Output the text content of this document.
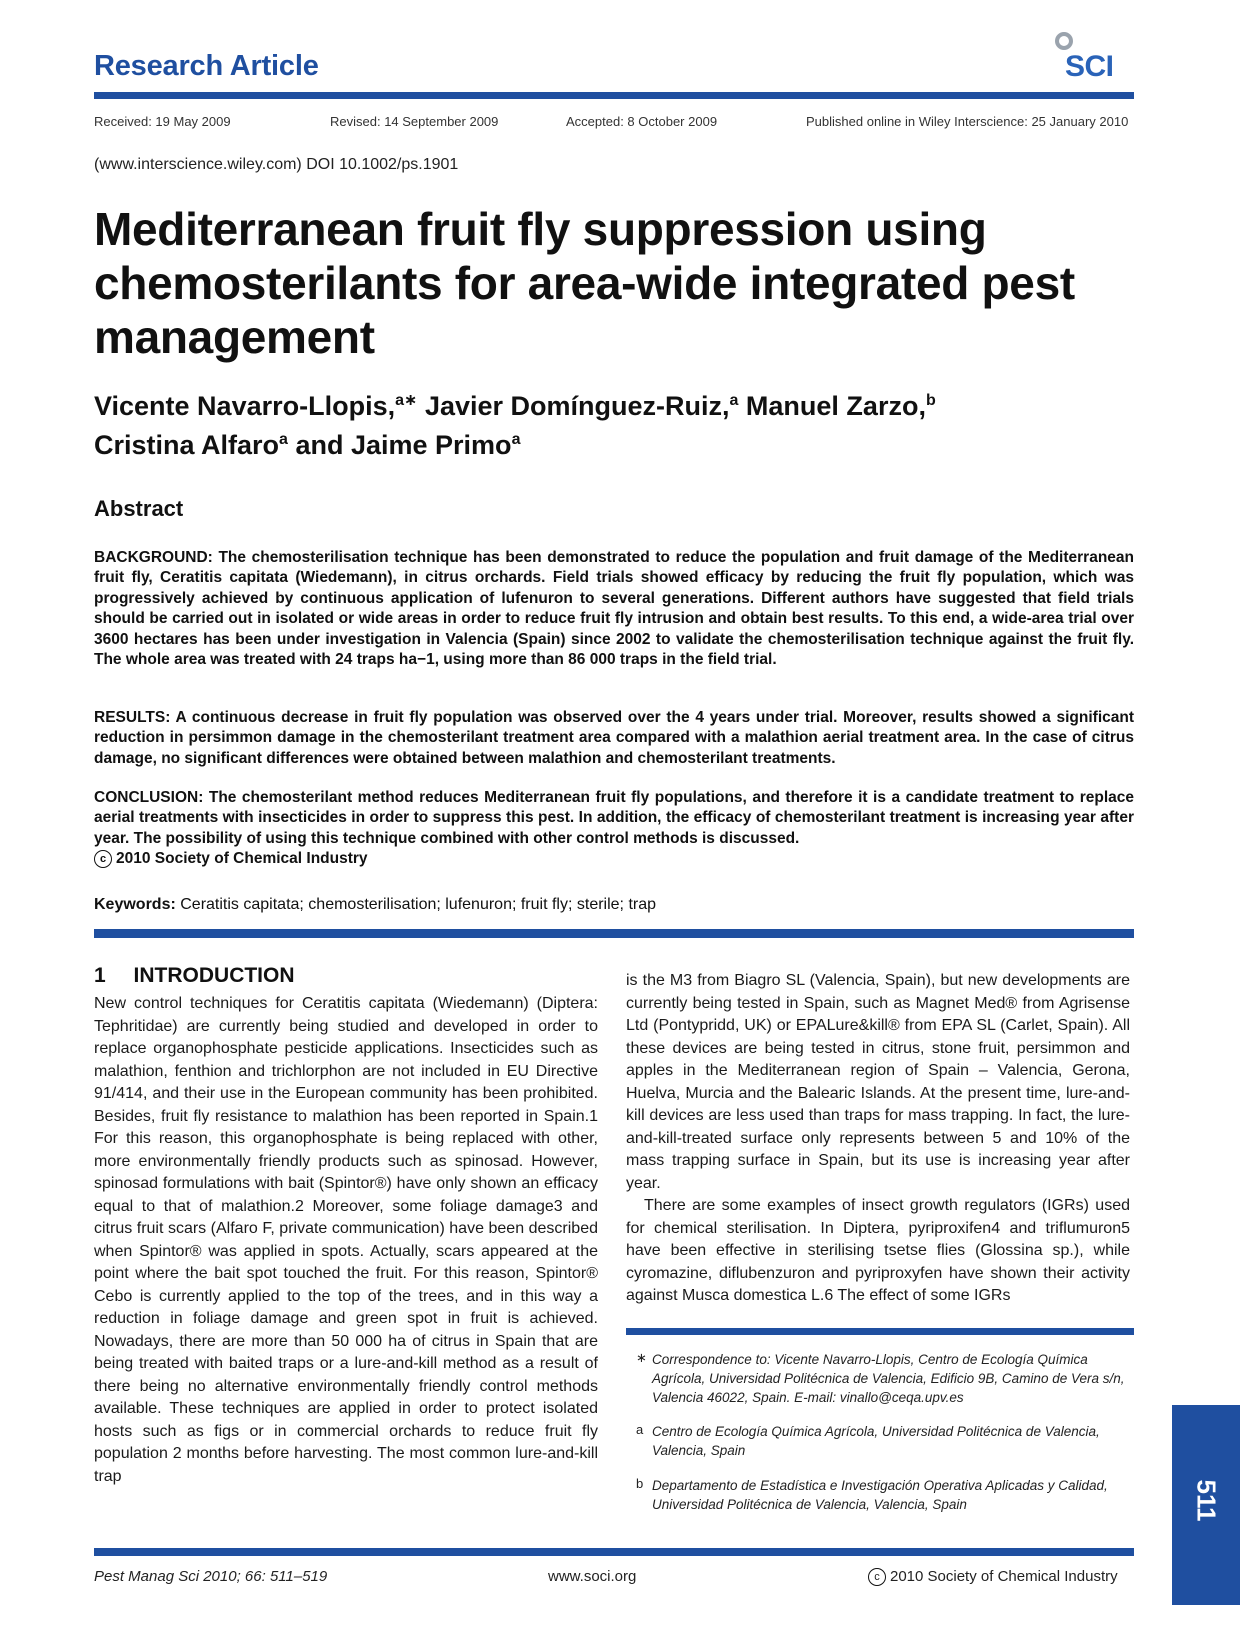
Research Article	SCI
Received: 19 May 2009	Revised: 14 September 2009	Accepted: 8 October 2009	Published online in Wiley Interscience: 25 January 2010
(www.interscience.wiley.com) DOI 10.1002/ps.1901
Mediterranean fruit fly suppression using chemosterilants for area-wide integrated pest management
Vicente Navarro-Llopis,$^{a∗}$ Javier Domínguez-Ruiz,$^a$ Manuel Zarzo,$^b$
Cristina Alfaro$^a$ and Jaime Primo$^a$
Abstract
BACKGROUND: The chemosterilisation technique has been demonstrated to reduce the population and fruit damage of the Mediterranean fruit fly, Ceratitis capitata (Wiedemann), in citrus orchards. Field trials showed efficacy by reducing the fruit fly population, which was progressively achieved by continuous application of lufenuron to several generations. Different authors have suggested that field trials should be carried out in isolated or wide areas in order to reduce fruit fly intrusion and obtain best results. To this end, a wide-area trial over 3600 hectares has been under investigation in Valencia (Spain) since 2002 to validate the chemosterilisation technique against the fruit fly. The whole area was treated with 24 traps ha−1, using more than 86 000 traps in the field trial.
RESULTS: A continuous decrease in fruit fly population was observed over the 4 years under trial. Moreover, results showed a significant reduction in persimmon damage in the chemosterilant treatment area compared with a malathion aerial treatment area. In the case of citrus damage, no significant differences were obtained between malathion and chemosterilant treatments.
CONCLUSION: The chemosterilant method reduces Mediterranean fruit fly populations, and therefore it is a candidate treatment to replace aerial treatments with insecticides in order to suppress this pest. In addition, the efficacy of chemosterilant treatment is increasing year after year. The possibility of using this technique combined with other control methods is discussed.
c 2010 Society of Chemical Industry
Keywords: Ceratitis capitata; chemosterilisation; lufenuron; fruit fly; sterile; trap
1 INTRODUCTION
New control techniques for Ceratitis capitata (Wiedemann) (Diptera: Tephritidae) are currently being studied and developed in order to replace organophosphate pesticide applications. Insecticides such as malathion, fenthion and trichlorphon are not included in EU Directive 91/414, and their use in the European community has been prohibited. Besides, fruit fly resistance to malathion has been reported in Spain.1 For this reason, this organophosphate is being replaced with other, more environmentally friendly products such as spinosad. However, spinosad formulations with bait (Spintor®) have only shown an efficacy equal to that of malathion.2 Moreover, some foliage damage3 and citrus fruit scars (Alfaro F, private communication) have been described when Spintor® was applied in spots. Actually, scars appeared at the point where the bait spot touched the fruit. For this reason, Spintor® Cebo is currently applied to the top of the trees, and in this way a reduction in foliage damage and green spot in fruit is achieved. Nowadays, there are more than 50 000 ha of citrus in Spain that are being treated with baited traps or a lure-and-kill method as a result of there being no alternative environmentally friendly control methods available. These techniques are applied in order to protect isolated hosts such as figs or in commercial orchards to reduce fruit fly population 2 months before harvesting. The most common lure-and-kill trap
is the M3 from Biagro SL (Valencia, Spain), but new developments are currently being tested in Spain, such as Magnet Med® from Agrisense Ltd (Pontypridd, UK) or EPALure&kill® from EPA SL (Carlet, Spain). All these devices are being tested in citrus, stone fruit, persimmon and apples in the Mediterranean region of Spain – Valencia, Gerona, Huelva, Murcia and the Balearic Islands. At the present time, lure-and-kill devices are less used than traps for mass trapping. In fact, the lure-and-kill-treated surface only represents between 5 and 10% of the mass trapping surface in Spain, but its use is increasing year after year.
There are some examples of insect growth regulators (IGRs) used for chemical sterilisation. In Diptera, pyriproxifen4 and triflumuron5 have been effective in sterilising tsetse flies (Glossina sp.), while cyromazine, diflubenzuron and pyriproxyfen have shown their activity against Musca domestica L.6 The effect of some IGRs
∗ Correspondence to: Vicente Navarro-Llopis, Centro de Ecología Química Agrícola, Universidad Politécnica de Valencia, Edificio 9B, Camino de Vera s/n, Valencia 46022, Spain. E-mail: vinallo@ceqa.upv.es
a Centro de Ecología Química Agrícola, Universidad Politécnica de Valencia, Valencia, Spain
b Departamento de Estadística e Investigación Operativa Aplicadas y Calidad, Universidad Politécnica de Valencia, Valencia, Spain	511
Pest Manag Sci 2010; 66: 511–519	www.soci.org	c 2010 Society of Chemical Industry
